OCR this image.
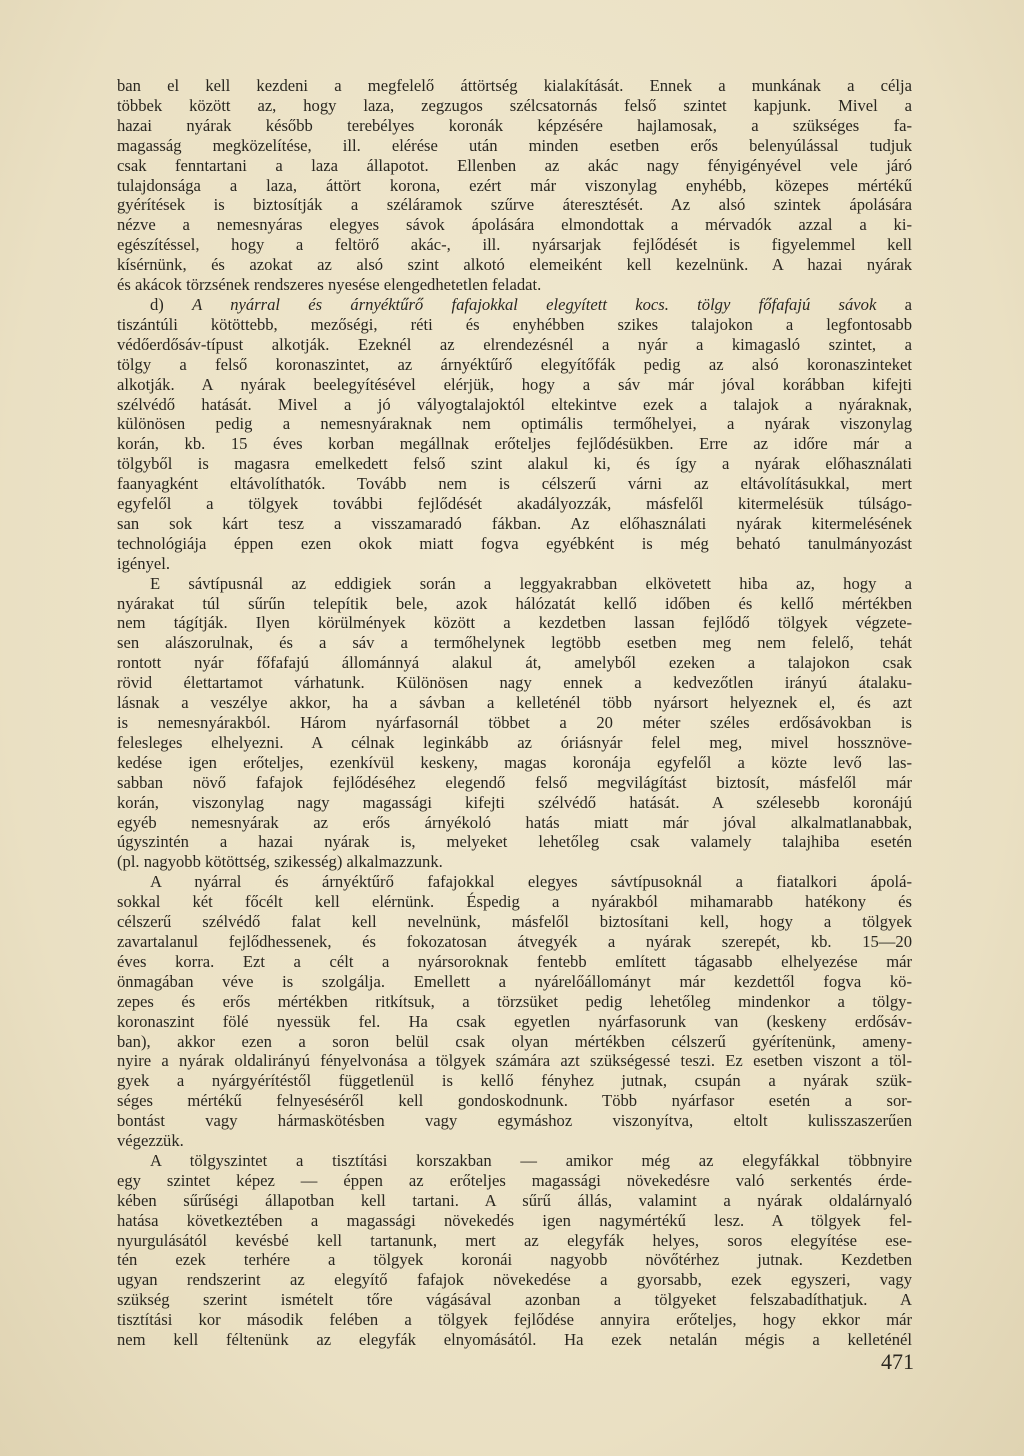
ban el kell kezdeni a megfelelő áttörtség kialakítását. Ennek a munkának a célja
többek között az, hogy laza, zegzugos szélcsatornás felső szintet kapjunk. Mivel a
hazai nyárak később terebélyes koronák képzésére hajlamosak, a szükséges fa-
magasság megközelítése, ill. elérése után minden esetben erős belenyúlással tudjuk
csak fenntartani a laza állapotot. Ellenben az akác nagy fényigényével vele járó
tulajdonsága a laza, áttört korona, ezért már viszonylag enyhébb, közepes mértékű
gyérítések is biztosítják a széláramok szűrve áteresztését. Az alsó szintek ápolására
nézve a nemesnyáras elegyes sávok ápolására elmondottak a mérvadók azzal a ki-
egészítéssel, hogy a feltörő akác-, ill. nyársarjak fejlődését is figyelemmel kell
kísérnünk, és azokat az alsó szint alkotó elemeiként kell kezelnünk. A hazai nyárak
és akácok törzsének rendszeres nyesése elengedhetetlen feladat.
d) A nyárral és árnyéktűrő fafajokkal elegyített kocs. tölgy főfafajú sávok a
tiszántúli kötöttebb, mezőségi, réti és enyhébben szikes talajokon a legfontosabb
védőerdősáv-típust alkotják. Ezeknél az elrendezésnél a nyár a kimagasló szintet, a
tölgy a felső koronaszintet, az árnyéktűrő elegyítőfák pedig az alsó koronaszinteket
alkotják. A nyárak beelegyítésével elérjük, hogy a sáv már jóval korábban kifejti
szélvédő hatását. Mivel a jó vályogtalajoktól eltekintve ezek a talajok a nyáraknak,
különösen pedig a nemesnyáraknak nem optimális termőhelyei, a nyárak viszonylag
korán, kb. 15 éves korban megállnak erőteljes fejlődésükben. Erre az időre már a
tölgyből is magasra emelkedett felső szint alakul ki, és így a nyárak előhasználati
faanyagként eltávolíthatók. Tovább nem is célszerű várni az eltávolításukkal, mert
egyfelől a tölgyek további fejlődését akadályozzák, másfelől kitermelésük túlságo-
san sok kárt tesz a visszamaradó fákban. Az előhasználati nyárak kitermelésének
technológiája éppen ezen okok miatt fogva egyébként is még beható tanulmányozást
igényel.
E sávtípusnál az eddigiek során a leggyakrabban elkövetett hiba az, hogy a
nyárakat túl sűrűn telepítik bele, azok hálózatát kellő időben és kellő mértékben
nem tágítják. Ilyen körülmények között a kezdetben lassan fejlődő tölgyek végzete-
sen alászorulnak, és a sáv a termőhelynek legtöbb esetben meg nem felelő, tehát
rontott nyár főfafajú állománnyá alakul át, amelyből ezeken a talajokon csak
rövid élettartamot várhatunk. Különösen nagy ennek a kedvezőtlen irányú átalaku-
lásnak a veszélye akkor, ha a sávban a kelleténél több nyársort helyeznek el, és azt
is nemesnyárakból. Három nyárfasornál többet a 20 méter széles erdősávokban is
felesleges elhelyezni. A célnak leginkább az óriásnyár felel meg, mivel hossznöve-
kedése igen erőteljes, ezenkívül keskeny, magas koronája egyfelől a közte levő las-
sabban növő fafajok fejlődéséhez elegendő felső megvilágítást biztosít, másfelől már
korán, viszonylag nagy magassági kifejti szélvédő hatását. A szélesebb koronájú
egyéb nemesnyárak az erős árnyékoló hatás miatt már jóval alkalmatlanabbak,
úgyszintén a hazai nyárak is, melyeket lehetőleg csak valamely talajhiba esetén
(pl. nagyobb kötöttség, szikesség) alkalmazzunk.
A nyárral és árnyéktűrő fafajokkal elegyes sávtípusoknál a fiatalkori ápolá-
sokkal két főcélt kell elérnünk. Éspedig a nyárakból mihamarabb hatékony és
célszerű szélvédő falat kell nevelnünk, másfelől biztosítani kell, hogy a tölgyek
zavartalanul fejlődhessenek, és fokozatosan átvegyék a nyárak szerepét, kb. 15—20
éves korra. Ezt a célt a nyársoroknak fentebb említett tágasabb elhelyezése már
önmagában véve is szolgálja. Emellett a nyárelőállományt már kezdettől fogva kö-
zepes és erős mértékben ritkítsuk, a törzsüket pedig lehetőleg mindenkor a tölgy-
koronaszint fölé nyessük fel. Ha csak egyetlen nyárfasorunk van (keskeny erdősáv-
ban), akkor ezen a soron belül csak olyan mértékben célszerű gyérítenünk, ameny-
nyire a nyárak oldalirányú fényelvonása a tölgyek számára azt szükségessé teszi. Ez esetben viszont a töl-
gyek a nyárgyérítéstől függetlenül is kellő fényhez jutnak, csupán a nyárak szük-
séges mértékű felnyeséséről kell gondoskodnunk. Több nyárfasor esetén a sor-
bontást vagy hármaskötésben vagy egymáshoz viszonyítva, eltolt kulisszaszerűen
végezzük.
A tölgyszintet a tisztítási korszakban — amikor még az elegyfákkal többnyire
egy szintet képez — éppen az erőteljes magassági növekedésre való serkentés érde-
kében sűrűségi állapotban kell tartani. A sűrű állás, valamint a nyárak oldalárnyaló
hatása következtében a magassági növekedés igen nagymértékű lesz. A tölgyek fel-
nyurgulásától kevésbé kell tartanunk, mert az elegyfák helyes, soros elegyítése ese-
tén ezek terhére a tölgyek koronái nagyobb növőtérhez jutnak. Kezdetben
ugyan rendszerint az elegyítő fafajok növekedése a gyorsabb, ezek egyszeri, vagy
szükség szerint ismételt tőre vágásával azonban a tölgyeket felszabadíthatjuk. A
tisztítási kor második felében a tölgyek fejlődése annyira erőteljes, hogy ekkor már
nem kell féltenünk az elegyfák elnyomásától. Ha ezek netalán mégis a kelleténél
471
